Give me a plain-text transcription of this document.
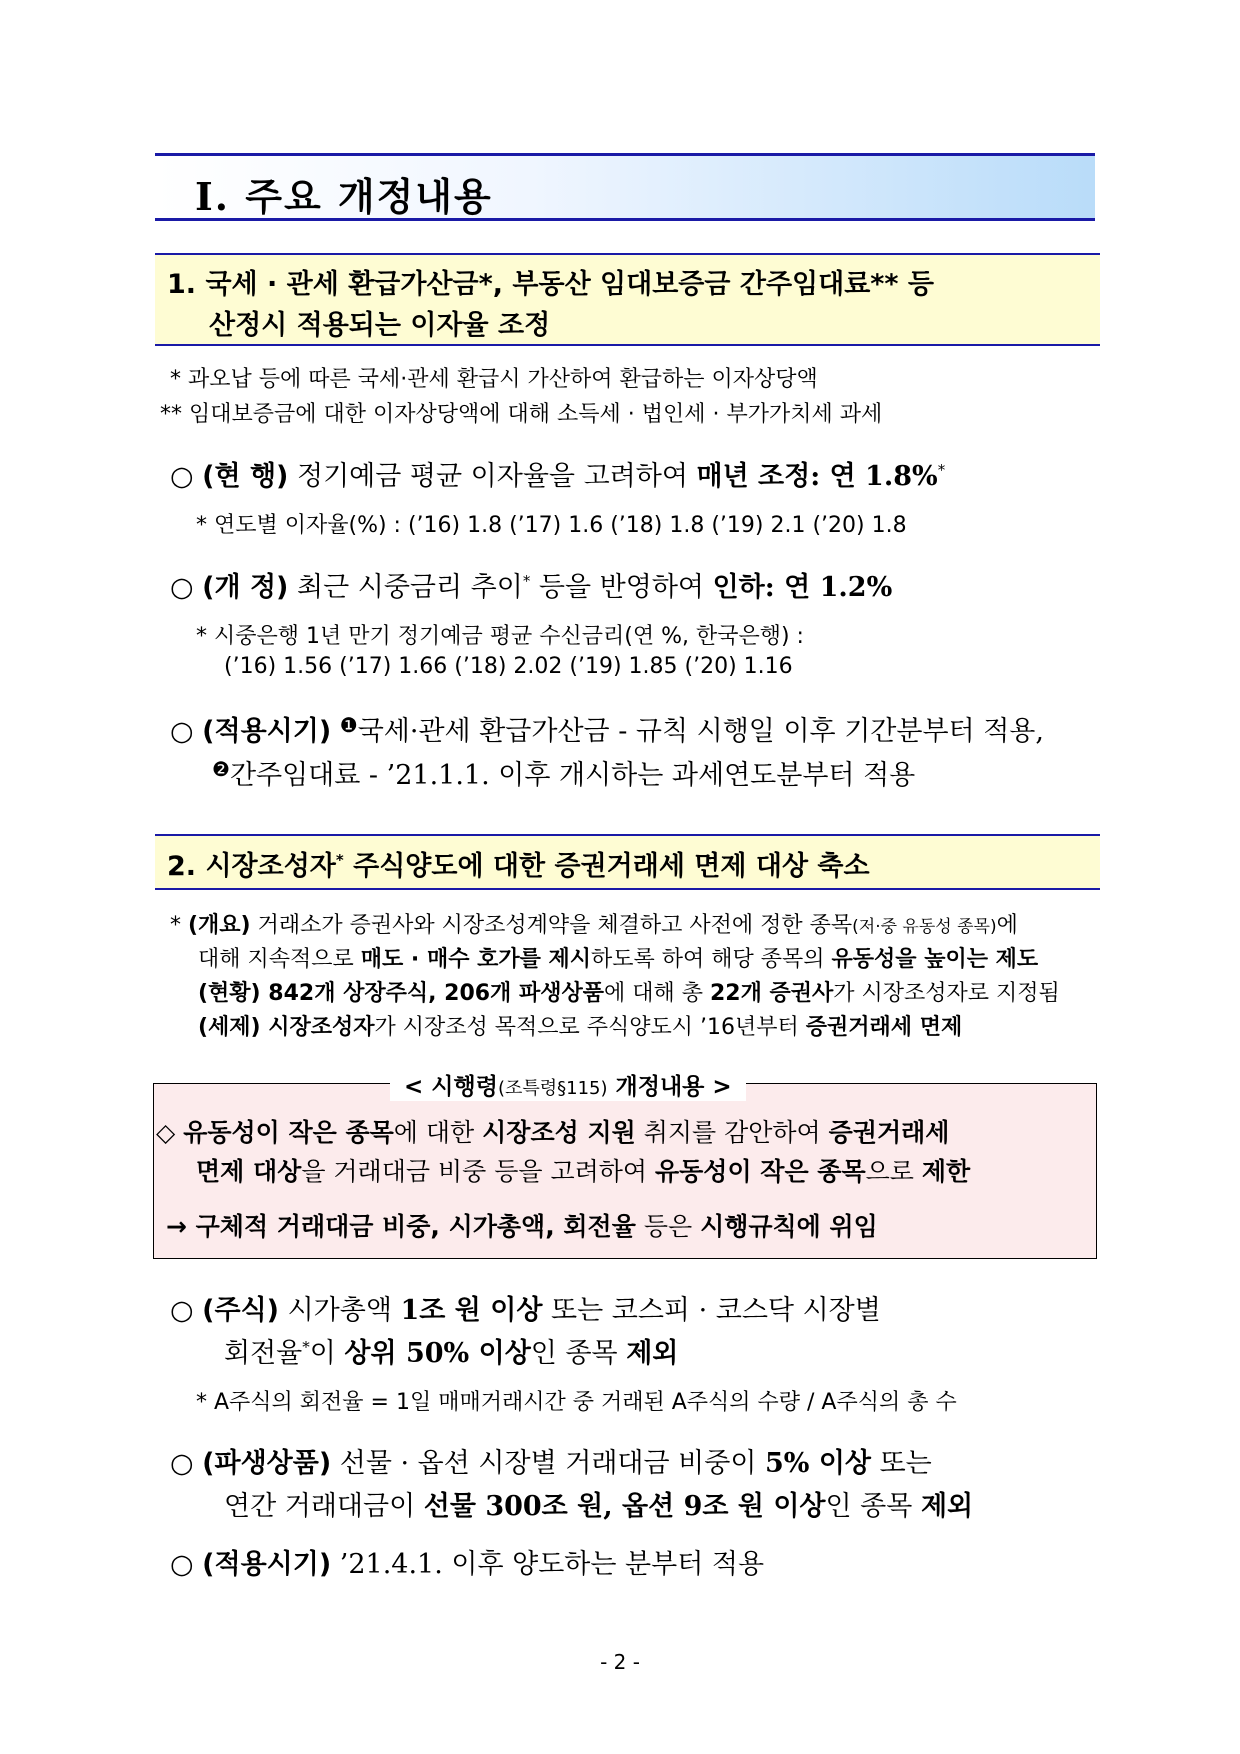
Ⅰ. 주요 개정내용
1. 국세 · 관세 환급가산금*, 부동산 임대보증금 간주임대료** 등
산정시 적용되는 이자율 조정
* 과오납 등에 따른 국세·관세 환급시 가산하여 환급하는 이자상당액
** 임대보증금에 대한 이자상당액에 대해 소득세 · 법인세 · 부가가치세 과세
○ (현 행) 정기예금 평균 이자율을 고려하여 매년 조정: 연 1.8%*
* 연도별 이자율(%) : (’16) 1.8 (’17) 1.6 (’18) 1.8 (’19) 2.1 (’20) 1.8
○ (개 정) 최근 시중금리 추이* 등을 반영하여 인하: 연 1.2%
* 시중은행 1년 만기 정기예금 평균 수신금리(연 %, 한국은행) :
(’16) 1.56 (’17) 1.66 (’18) 2.02 (’19) 1.85 (’20) 1.16
○ (적용시기) $^❶$국세·관세 환급가산금 - 규칙 시행일 이후 기간분부터 적용,
$^❷$간주임대료 - ’21.1.1. 이후 개시하는 과세연도분부터 적용
2. 시장조성자* 주식양도에 대한 증권거래세 면제 대상 축소
* (개요) 거래소가 증권사와 시장조성계약을 체결하고 사전에 정한 종목(저·중 유동성 종목)에
대해 지속적으로 매도 · 매수 호가를 제시하도록 하여 해당 종목의 유동성을 높이는 제도
(현황) 842개 상장주식, 206개 파생상품에 대해 총 22개 증권사가 시장조성자로 지정됨
(세제) 시장조성자가 시장조성 목적으로 주식양도시 ’16년부터 증권거래세 면제
< 시행령(조특령§115) 개정내용 >
◇ 유동성이 작은 종목에 대한 시장조성 지원 취지를 감안하여 증권거래세
면제 대상을 거래대금 비중 등을 고려하여 유동성이 작은 종목으로 제한
→ 구체적 거래대금 비중, 시가총액, 회전율 등은 시행규칙에 위임
○ (주식) 시가총액 1조 원 이상 또는 코스피 · 코스닥 시장별
회전율*이 상위 50% 이상인 종목 제외
* A주식의 회전율 = 1일 매매거래시간 중 거래된 A주식의 수량 / A주식의 총 수
○ (파생상품) 선물 · 옵션 시장별 거래대금 비중이 5% 이상 또는
연간 거래대금이 선물 300조 원, 옵션 9조 원 이상인 종목 제외
○ (적용시기) ’21.4.1. 이후 양도하는 분부터 적용
- 2 -
